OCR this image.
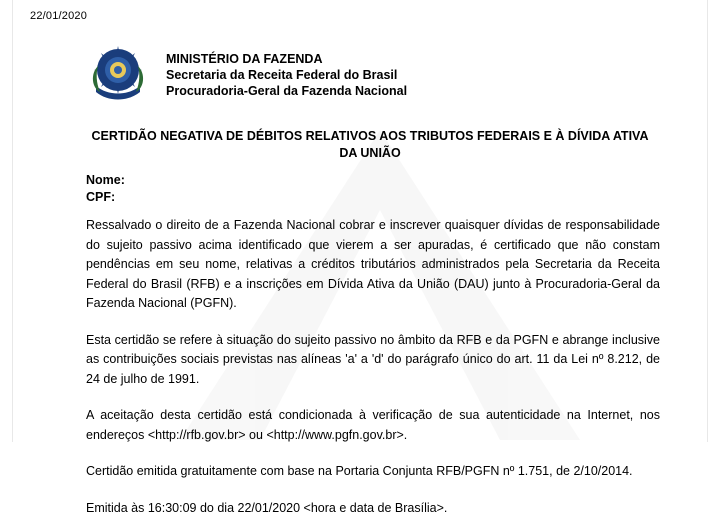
22/01/2020
MINISTÉRIO DA FAZENDA
Secretaria da Receita Federal do Brasil
Procuradoria-Geral da Fazenda Nacional
CERTIDÃO NEGATIVA DE DÉBITOS RELATIVOS AOS TRIBUTOS FEDERAIS E À DÍVIDA ATIVA
DA UNIÃO
Nome:
CPF:

Ressalvado o direito de a Fazenda Nacional cobrar e inscrever quaisquer dívidas de responsabilidade do sujeito passivo acima identificado que vierem a ser apuradas, é certificado que não constam pendências em seu nome, relativas a créditos tributários administrados pela Secretaria da Receita Federal do Brasil (RFB) e a inscrições em Dívida Ativa da União (DAU) junto à Procuradoria-Geral da Fazenda Nacional (PGFN).

Esta certidão se refere à situação do sujeito passivo no âmbito da RFB e da PGFN e abrange inclusive as contribuições sociais previstas nas alíneas 'a' a 'd' do parágrafo único do art. 11 da Lei nº 8.212, de 24 de julho de 1991.

A aceitação desta certidão está condicionada à verificação de sua autenticidade na Internet, nos endereços <http://rfb.gov.br> ou <http://www.pgfn.gov.br>.

Certidão emitida gratuitamente com base na Portaria Conjunta RFB/PGFN nº 1.751, de 2/10/2014.

Emitida às 16:30:09 do dia 22/01/2020 <hora e data de Brasília>.
